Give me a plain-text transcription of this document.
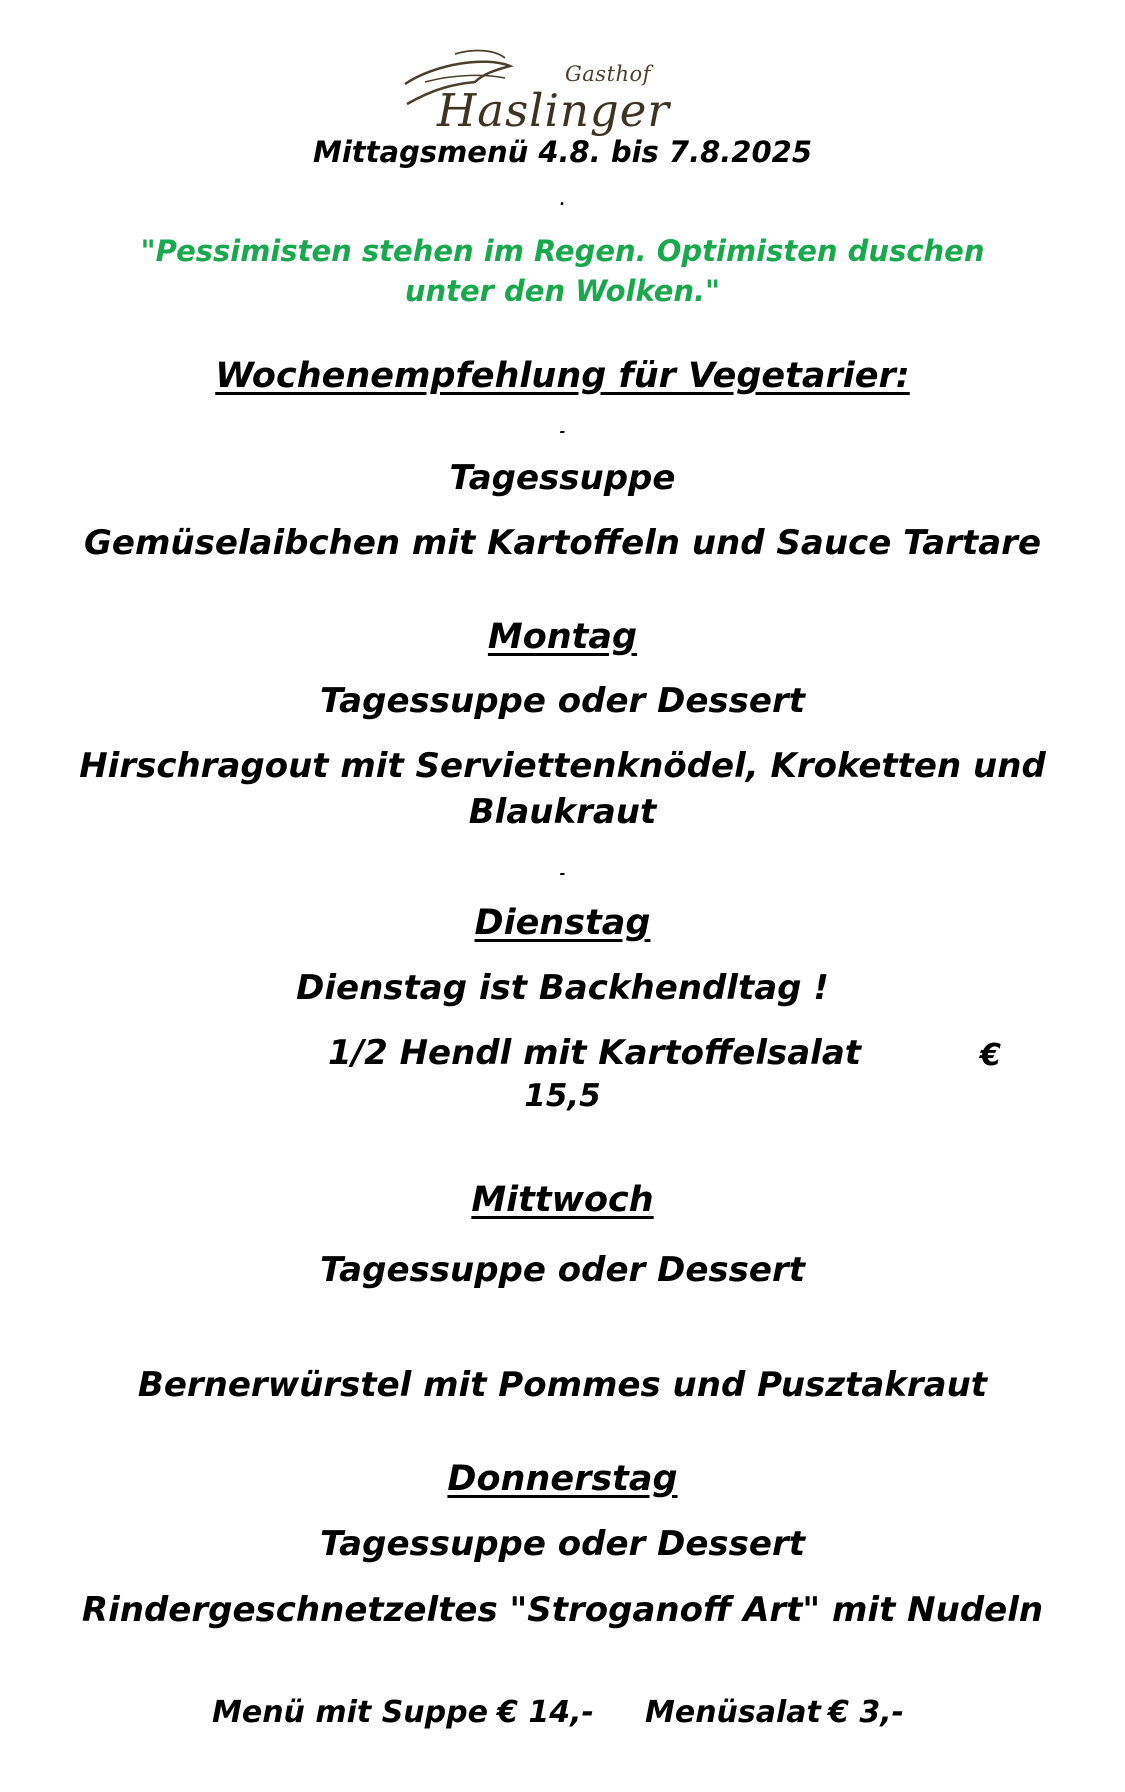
Gasthof
Haslinger
Mittagsmenü 4.8. bis 7.8.2025
.
"Pessimisten stehen im Regen. Optimisten duschen
unter den Wolken."
Wochenempfehlung für Vegetarier:
-
Tagessuppe
Gemüselaibchen mit Kartoffeln und Sauce Tartare
Montag
Tagessuppe oder Dessert
Hirschragout mit Serviettenknödel, Kroketten und
Blaukraut
-
Dienstag
Dienstag ist Backhendltag !
1/2 Hendl mit Kartoffelsalat	€
15,5
Mittwoch
Tagessuppe oder Dessert
Bernerwürstel mit Pommes und Pusztakraut
Donnerstag
Tagessuppe oder Dessert
Rindergeschnetzeltes "Stroganoff Art" mit Nudeln
Menü mit Suppe € 14,- Menüsalat € 3,-
